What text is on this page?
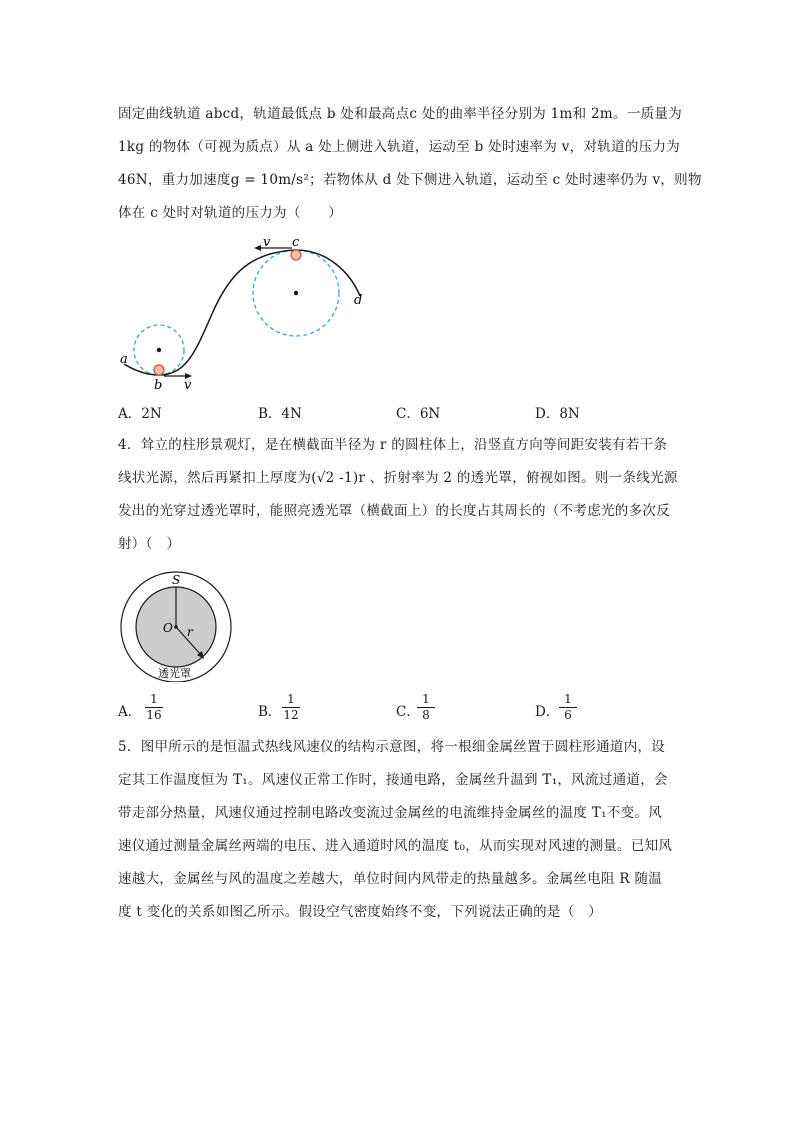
固定曲线轨道 abcd，轨道最低点 b 处和最高点c 处的曲率半径分别为 1m和 2m。一质量为
1kg 的物体（可视为质点）从 a 处上侧进入轨道，运动至 b 处时速率为 v，对轨道的压力为
46N，重力加速度g = 10m/s²；若物体从 d 处下侧进入轨道，运动至 c 处时速率仍为 v，则物
体在 c 处时对轨道的压力为（　　）
a
b v
v c
d
A．2N	B．4N	C．6N	D．8N
4．耸立的柱形景观灯，是在横截面半径为 r 的圆柱体上，沿竖直方向等间距安装有若干条
线状光源，然后再紧扣上厚度为(√2 -1)r 、折射率为 2 的透光罩，俯视如图。则一条线光源
发出的光穿过透光罩时，能照亮透光罩（横截面上）的长度占其周长的（不考虑光的多次反
射）（　）
S
O r
透光罩
A． $\frac{1}{16}$	B． $\frac{1}{12}$	C．
$\frac{1}{8}$	D． $\frac{1}{6}$
5．图甲所示的是恒温式热线风速仪的结构示意图，将一根细金属丝置于圆柱形通道内，设
定其工作温度恒为 T₁。风速仪正常工作时，接通电路，金属丝升温到 T₁，风流过通道，会
带走部分热量，风速仪通过控制电路改变流过金属丝的电流维持金属丝的温度 T₁不变。风
速仪通过测量金属丝两端的电压、进入通道时风的温度 t₀，从而实现对风速的测量。已知风
速越大，金属丝与风的温度之差越大，单位时间内风带走的热量越多。金属丝电阻 R 随温
度 t 变化的关系如图乙所示。假设空气密度始终不变，下列说法正确的是（　）
